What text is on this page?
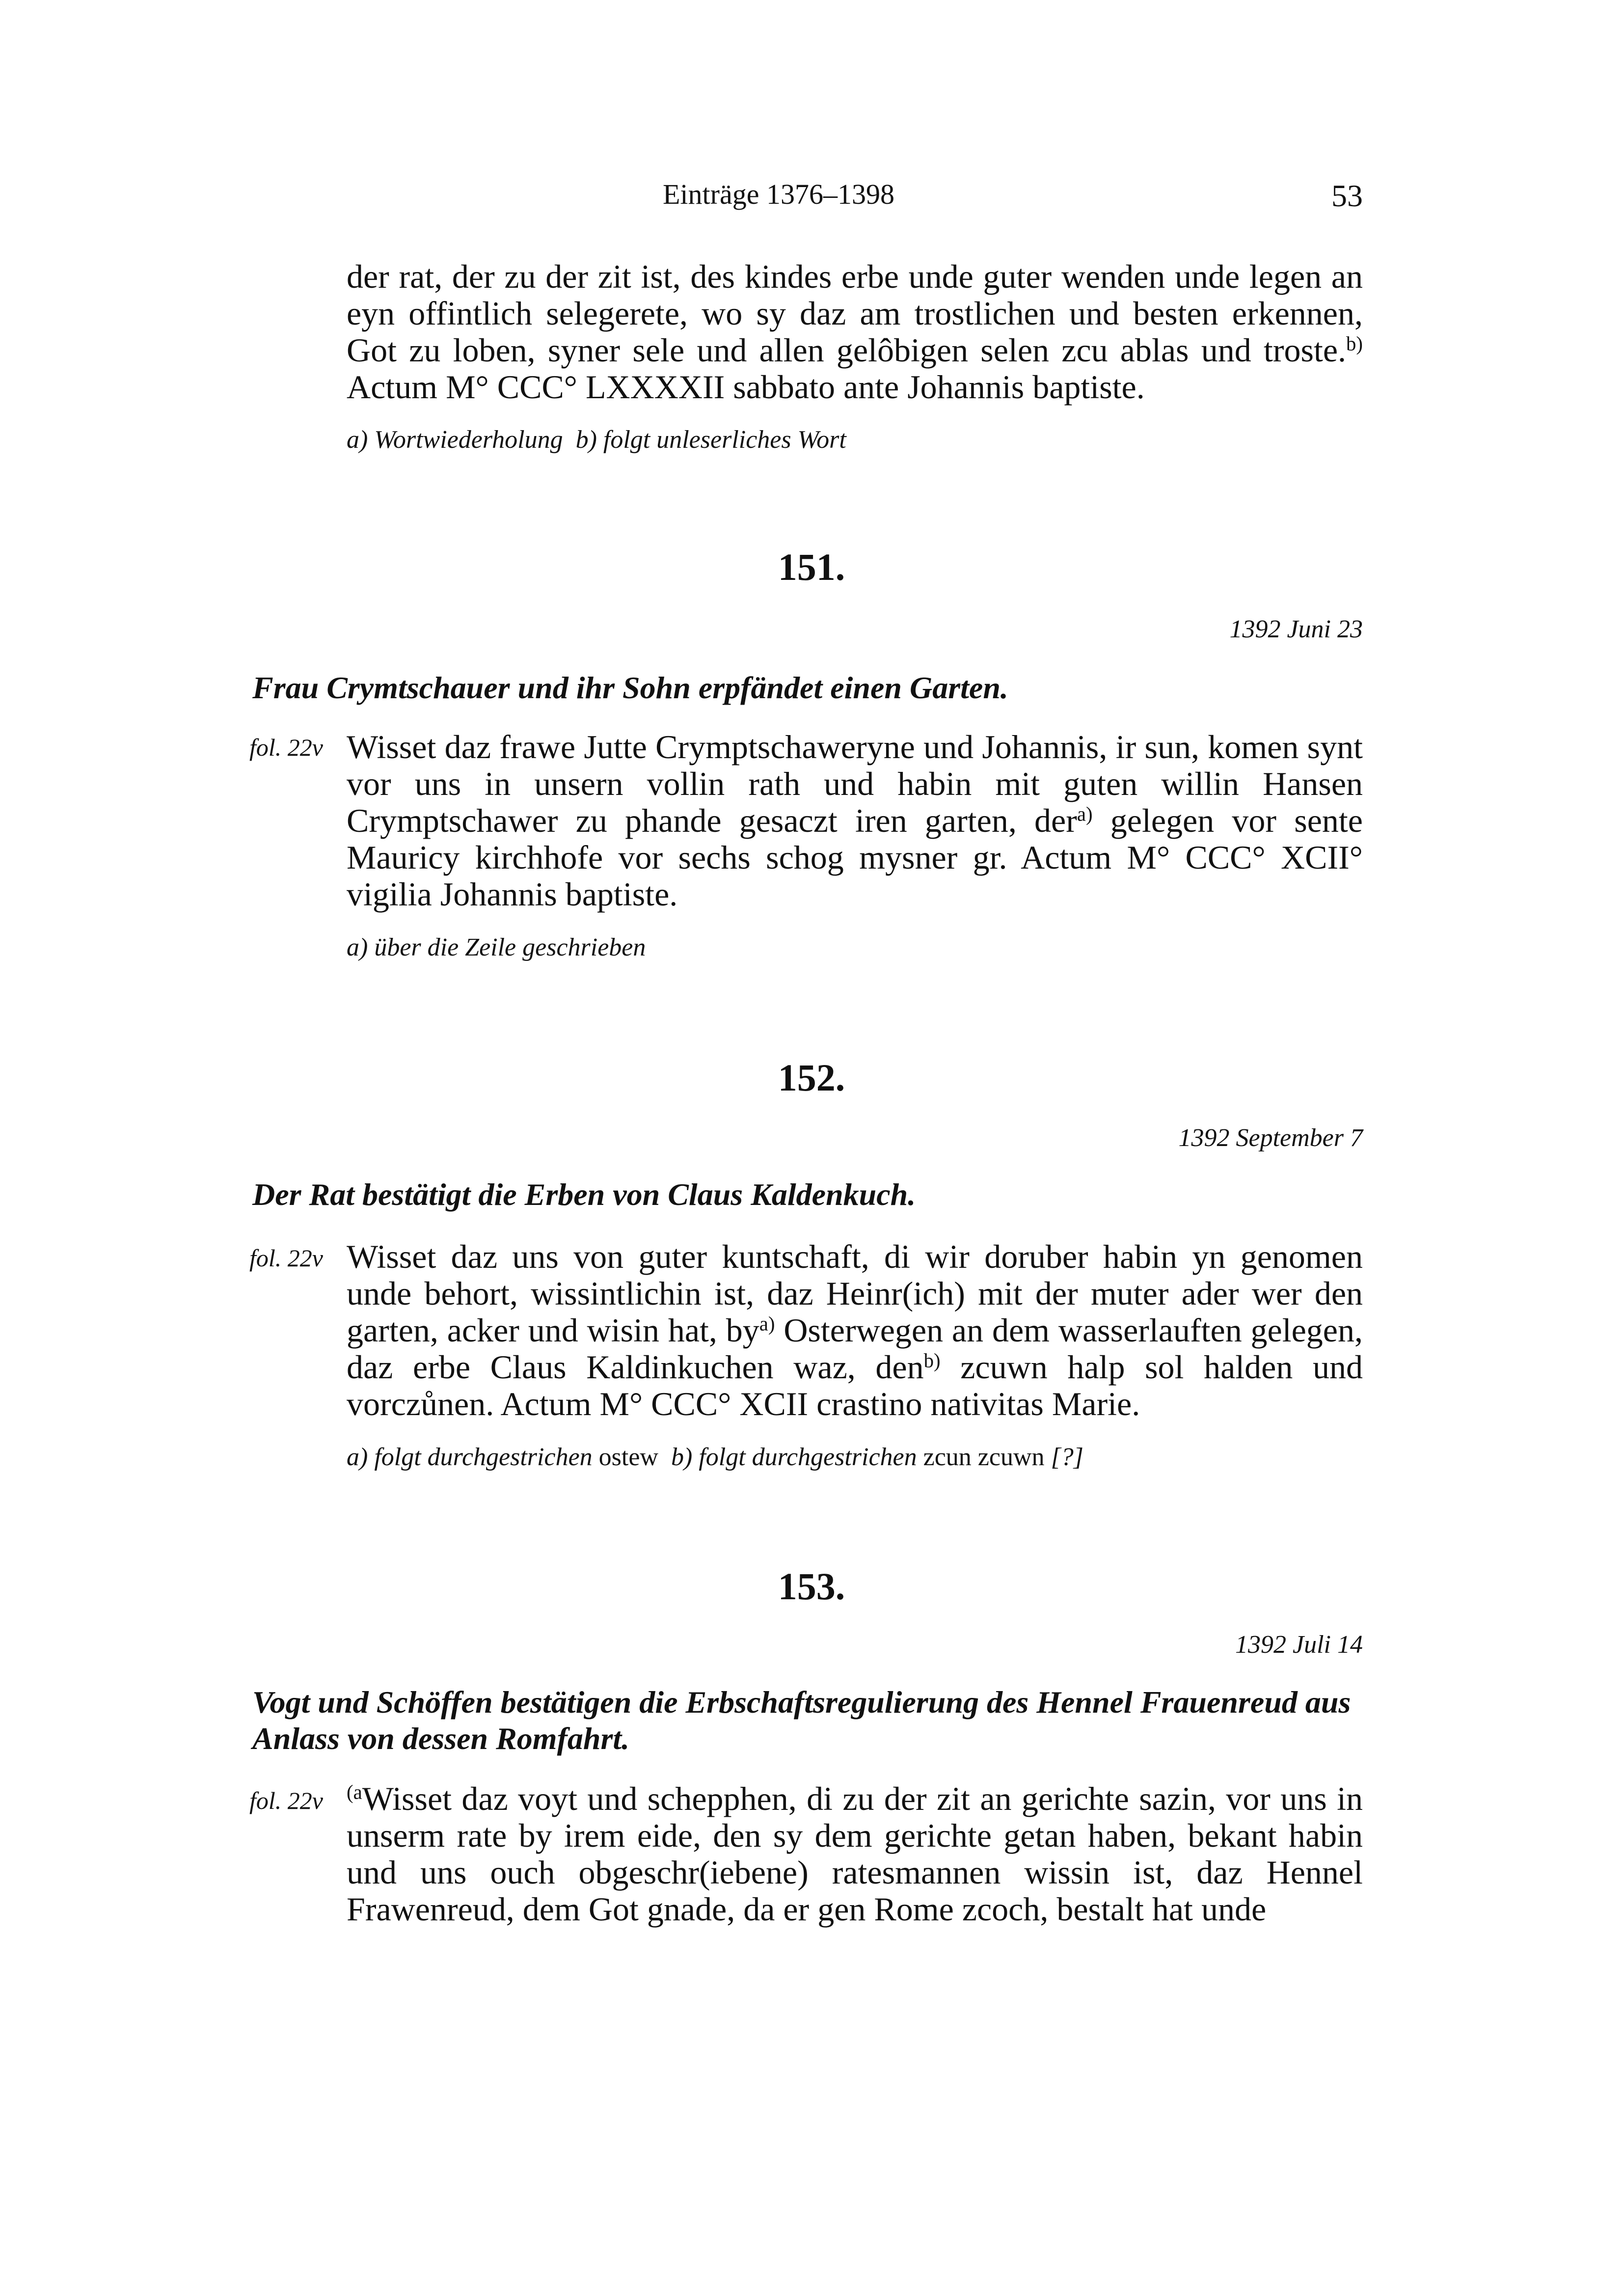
Einträge 1376–1398	53

der rat, der zu der zit ist, des kindes erbe unde guter wenden unde legen an eyn offintlich selegerete, wo sy daz am trostlichen und besten erkennen, Got zu loben, syner sele und allen gelôbigen selen zcu ablas und troste.$^{b)}$ Actum M° CCC° LXXXXII sabbato ante Johannis baptiste.

a) Wortwiederholung  b) folgt unleserliches Wort
151.
1392 Juni 23
Frau Crymtschauer und ihr Sohn erpfändet einen Garten.
fol. 22v Wisset daz frawe Jutte Crymptschaweryne und Johannis, ir sun, komen synt vor uns in unsern vollin rath und habin mit guten willin Hansen Crymptschawer zu phande gesaczt iren garten, der$^{a)}$ gelegen vor sente Mauricy kirchhofe vor sechs schog mysner gr. Actum M° CCC° XCII° vigilia Johannis baptiste.

a) über die Zeile geschrieben
152.
1392 September 7
Der Rat bestätigt die Erben von Claus Kaldenkuch.
fol. 22v Wisset daz uns von guter kuntschaft, di wir doruber habin yn genomen unde behort, wissintlichin ist, daz Heinr(ich) mit der muter ader wer den garten, acker und wisin hat, $by^{a)}$ Osterwegen an dem wasserlauften gelegen, daz erbe Claus Kaldinkuchen waz, den$^{b)}$ zcuwn halp sol halden und vorczůnen. Actum M° CCC° XCII crastino nativitas Marie.

a) folgt durchgestrichen ostew  b) folgt durchgestrichen zcun zcuwn [?]
153.
1392 Juli 14
Vogt und Schöffen bestätigen die Erbschaftsregulierung des Hennel Frauenreud aus Anlass von dessen Romfahrt.
fol. 22v $^{(a}$Wisset daz voyt und schepphen, di zu der zit an gerichte sazin, vor uns in unserm rate by irem eide, den sy dem gerichte getan haben, bekant habin und uns ouch obgeschr(iebene) ratesmannen wissin ist, daz Hennel Frawenreud, dem Got gnade, da er gen Rome zcoch, bestalt hat unde
